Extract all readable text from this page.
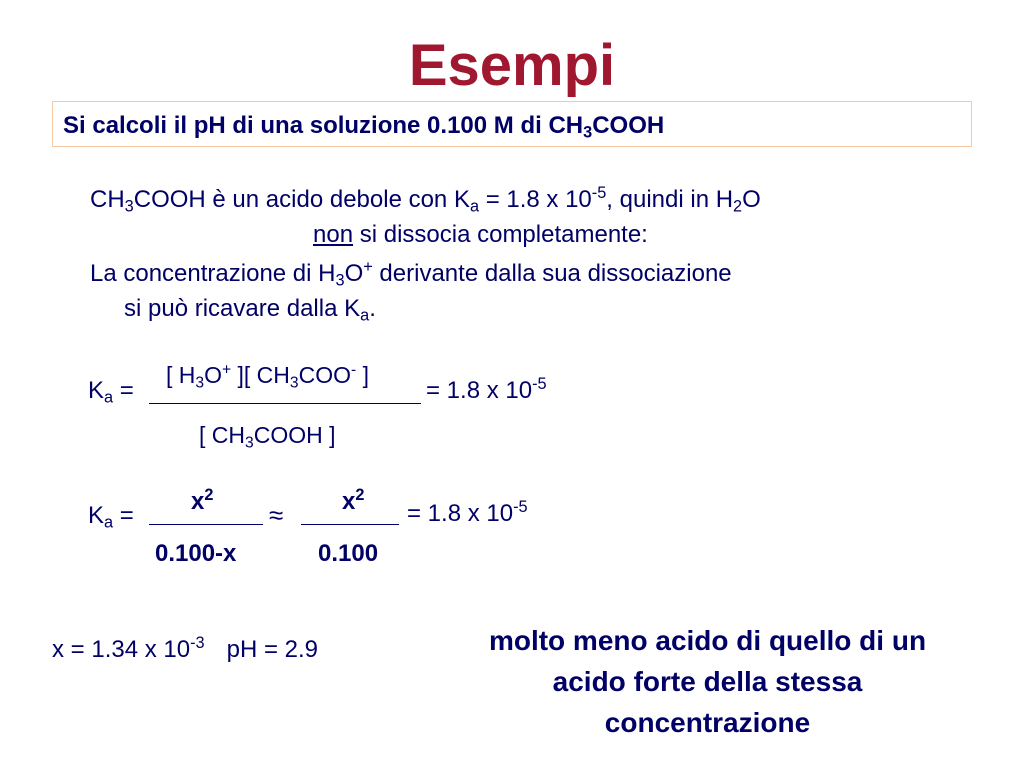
Esempi
Si calcoli il pH di una soluzione 0.100 M di $CH_3COOH$
$CH_3COOH$ è un acido debole con $K_a = 1.8$ x $10^{-5}$, quindi in $H_2O$
non si dissocia completamente:
La concentrazione di $H_3O^+$ derivante dalla sua dissociazione
si può ricavare dalla $K_a$.
$K_a$ =
[ $H_3O^+$ ][ $CH_3COO^-$ ]
[ $CH_3COOH$ ]
= 1.8 x $10^{-5}$
$K_a$ =
$x^2$
0.100-x
≈ $x^2$
0.100
= 1.8 x $10^{-5}$
x = 1.34 x $10^{-3}$ pH = 2.9	molto meno acido di quello di un acido forte della stessa concentrazione
